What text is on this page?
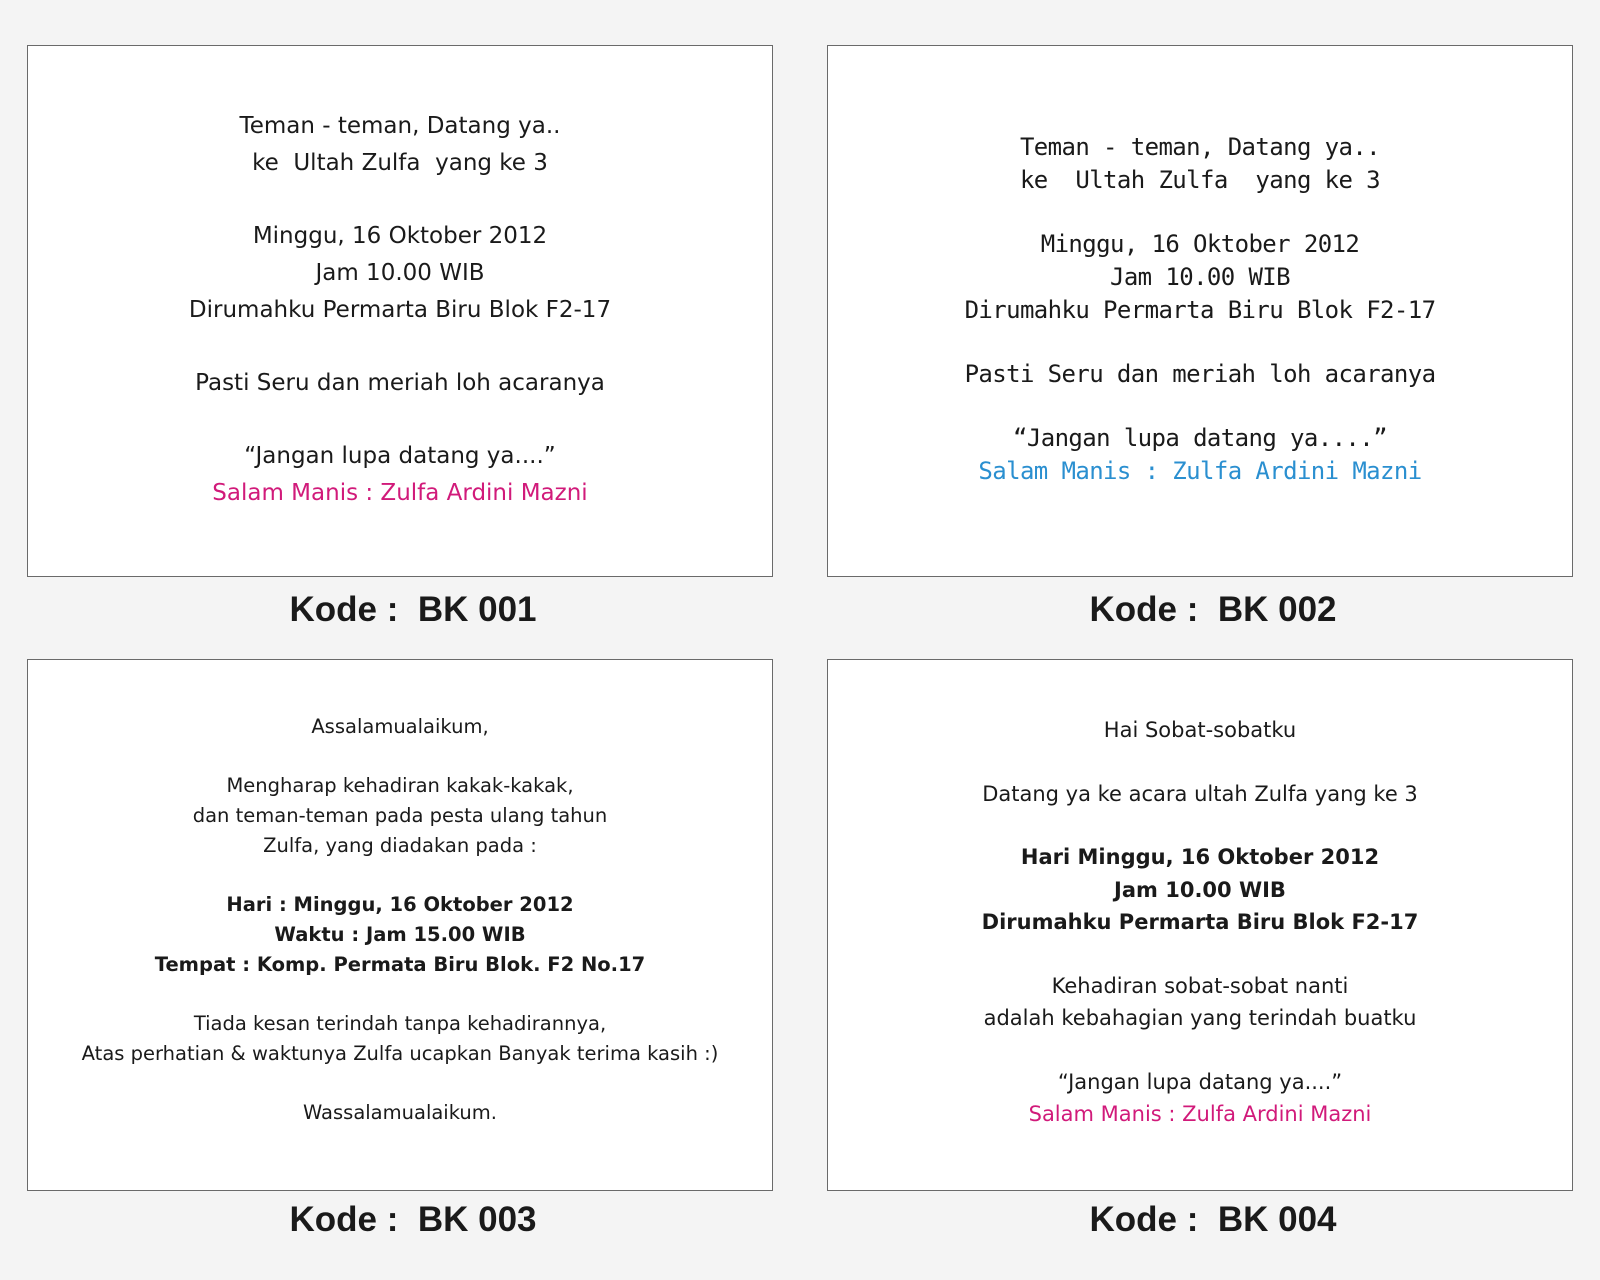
Teman - teman, Datang ya..
ke  Ultah Zulfa  yang ke 3
Minggu, 16 Oktober 2012
Jam 10.00 WIB
Dirumahku Permarta Biru Blok F2-17
Pasti Seru dan meriah loh acaranya
“Jangan lupa datang ya....”
Salam Manis : Zulfa Ardini Mazni
Kode :  BK 001
Teman - teman, Datang ya..
ke  Ultah Zulfa  yang ke 3
Minggu, 16 Oktober 2012
Jam 10.00 WIB
Dirumahku Permarta Biru Blok F2-17
Pasti Seru dan meriah loh acaranya
“Jangan lupa datang ya....”
Salam Manis : Zulfa Ardini Mazni
Kode :  BK 002
Assalamualaikum,
Mengharap kehadiran kakak-kakak,
dan teman-teman pada pesta ulang tahun
Zulfa, yang diadakan pada :
Hari : Minggu, 16 Oktober 2012
Waktu : Jam 15.00 WIB
Tempat : Komp. Permata Biru Blok. F2 No.17
Tiada kesan terindah tanpa kehadirannya,
Atas perhatian & waktunya Zulfa ucapkan Banyak terima kasih :)
Wassalamualaikum.
Kode :  BK 003
Hai Sobat-sobatku
Datang ya ke acara ultah Zulfa yang ke 3
Hari Minggu, 16 Oktober 2012
Jam 10.00 WIB
Dirumahku Permarta Biru Blok F2-17
Kehadiran sobat-sobat nanti
adalah kebahagian yang terindah buatku
“Jangan lupa datang ya....”
Salam Manis : Zulfa Ardini Mazni
Kode :  BK 004
